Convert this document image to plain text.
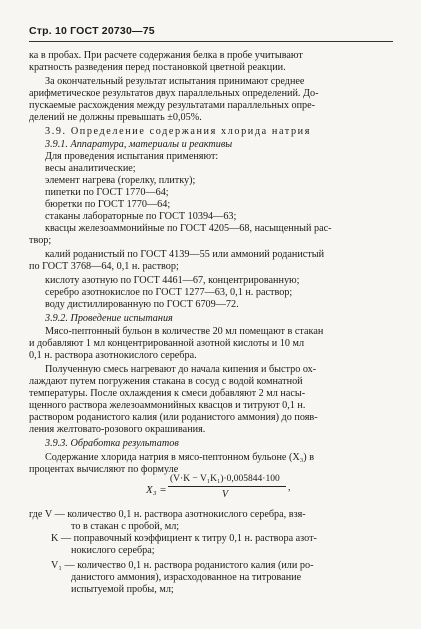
Стр. 10 ГОСТ 20730—75
ка в пробах. При расчете содержания белка в пробе учитывают
кратность разведения перед постановкой цветной реакции.
За окончательный результат испытания принимают среднее
арифметическое результатов двух параллельных определений. До-
пускаемые расхождения между результатами параллельных опре-
делений не должны превышать ±0,05%.
3.9. Определение содержания хлорида натрия
3.9.1. Аппаратура, материалы и реактивы
Для проведения испытания применяют:
весы аналитические;
элемент нагрева (горелку, плитку);
пипетки по ГОСТ 1770—64;
бюретки по ГОСТ 1770—64;
стаканы лабораторные по ГОСТ 10394—63;
квасцы железоаммонийные по ГОСТ 4205—68, насыщенный рас-
твор;
калий роданистый по ГОСТ 4139—55 или аммоний роданистый
по ГОСТ 3768—64, 0,1 н. раствор;
кислоту азотную по ГОСТ 4461—67, концентрированную;
серебро азотнокислое по ГОСТ 1277—63, 0,1 н. раствор;
воду дистиллированную по ГОСТ 6709—72.
3.9.2. Проведение испытания
Мясо-пептонный бульон в количестве 20 мл помещают в стакан
и добавляют 1 мл концентрированной азотной кислоты и 10 мл
0,1 н. раствора азотнокислого серебра.
Полученную смесь нагревают до начала кипения и быстро ох-
лаждают путем погружения стакана в сосуд с водой комнатной
температуры. После охлаждения к смеси добавляют 2 мл насы-
щенного раствора железоаммонийных квасцов и титруют 0,1 н.
раствором роданистого калия (или роданистого аммония) до появ-
ления желтовато-розового окрашивания.
3.9.3. Обработка результатов
Содержание хлорида натрия в мясо-пептонном бульоне (X₃) в
процентах вычисляют по формуле
где V — количество 0,1 н. раствора азотнокислого серебра, взя-
то в стакан с пробой, мл;
K — поправочный коэффициент к титру 0,1 н. раствора азот-
нокислого серебра;
V₁ — количество 0,1 н. раствора роданистого калия (или ро-
данистого аммония), израсходованное на титрование
испытуемой пробы, мл;
X₃ =
(V·K − V₁K₁)·0,005844·100
V
,
